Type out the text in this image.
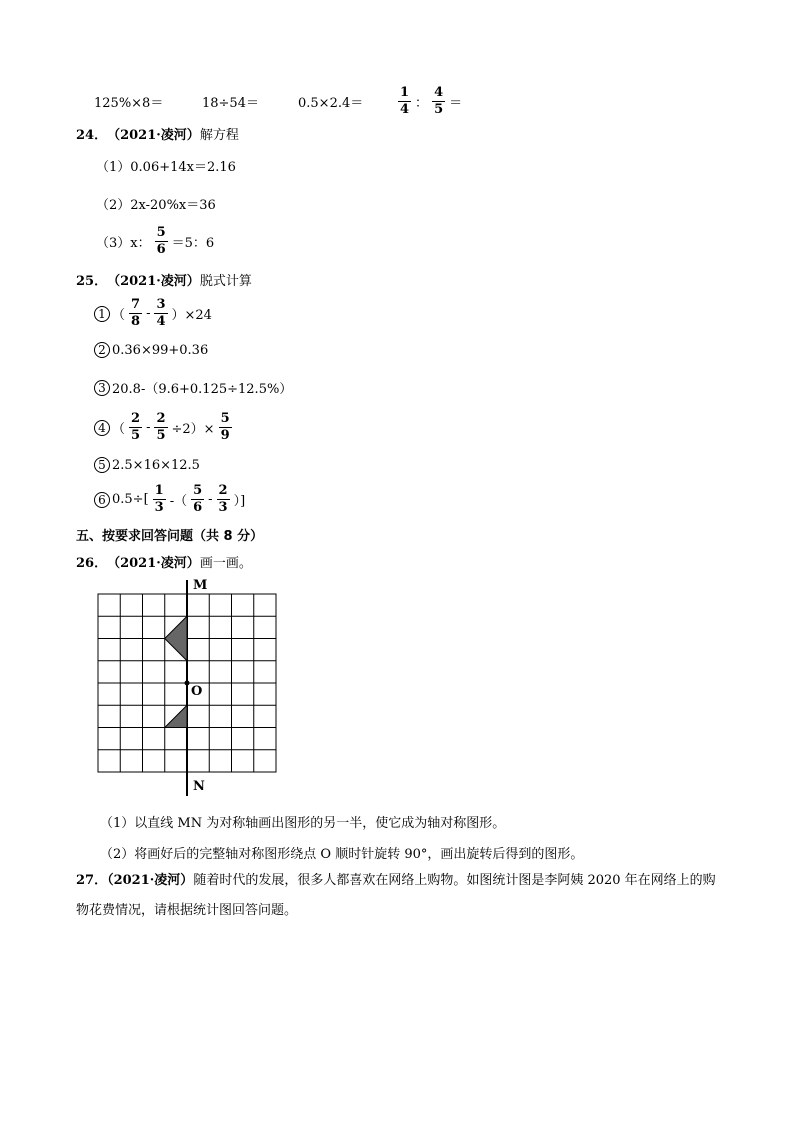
125%×8＝	18÷54＝	0.5×2.4＝	$\frac{1}{4}$ ： $\frac{4}{5}$ ＝
24． （2021·凌河） 解方程
（1）0.06+14x＝2.16
（2）2x-20%x＝36
（3）x： $\frac{5}{6} =5$：6
25． （2021·凌河） 脱式计算
1 （ $\frac{7}{8} - \frac{3}{4} )\times 24$
2 0.36×99+0.36
3 20.8-（9.6+0.125÷12.5%）
4 （ $\frac{2}{5} - \frac{2}{5} \div 2)\times \frac{5}{9}$
5 2.5×16×12.5
6 $0.5\div[ \frac{1}{3}$ -（ $\frac{5}{6} - \frac{2}{3}$ ）]
五、按要求回答问题（共 8 分）
26． （2021·凌河） 画一画。
M
O
N
（1）以直线 MN 为对称轴画出图形的另一半，使它成为轴对称图形。
（2）将画好后的完整轴对称图形绕点 O 顺时针旋转 90°，画出旋转后得到的图形。
27．（2021·凌河）随着时代的发展，很多人都喜欢在网络上购物。如图统计图是李阿姨 2020 年在网络上的购物花费情况，请根据统计图回答问题。
